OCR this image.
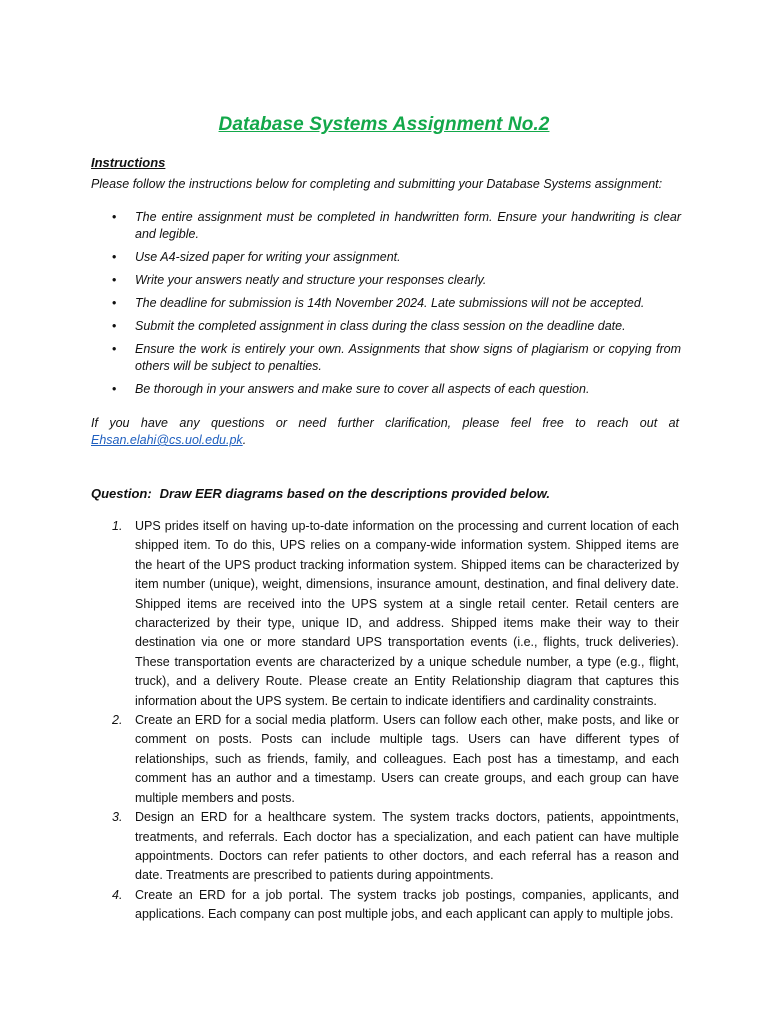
Database Systems Assignment No.2
Instructions
Please follow the instructions below for completing and submitting your Database Systems assignment:
• The entire assignment must be completed in handwritten form. Ensure your handwriting is clear and legible.
• Use A4-sized paper for writing your assignment.
• Write your answers neatly and structure your responses clearly.
• The deadline for submission is 14th November 2024. Late submissions will not be accepted.
• Submit the completed assignment in class during the class session on the deadline date.
• Ensure the work is entirely your own. Assignments that show signs of plagiarism or copying from others will be subject to penalties.
• Be thorough in your answers and make sure to cover all aspects of each question.
If you have any questions or need further clarification, please feel free to reach out at Ehsan.elahi@cs.uol.edu.pk.
Question: Draw EER diagrams based on the descriptions provided below.
1. UPS prides itself on having up-to-date information on the processing and current location of each shipped item. To do this, UPS relies on a company-wide information system. Shipped items are the heart of the UPS product tracking information system. Shipped items can be characterized by item number (unique), weight, dimensions, insurance amount, destination, and final delivery date. Shipped items are received into the UPS system at a single retail center. Retail centers are characterized by their type, unique ID, and address. Shipped items make their way to their destination via one or more standard UPS transportation events (i.e., flights, truck deliveries). These transportation events are characterized by a unique schedule number, a type (e.g., flight, truck), and a delivery Route. Please create an Entity Relationship diagram that captures this information about the UPS system. Be certain to indicate identifiers and cardinality constraints.
2. Create an ERD for a social media platform. Users can follow each other, make posts, and like or comment on posts. Posts can include multiple tags. Users can have different types of relationships, such as friends, family, and colleagues. Each post has a timestamp, and each comment has an author and a timestamp. Users can create groups, and each group can have multiple members and posts.
3. Design an ERD for a healthcare system. The system tracks doctors, patients, appointments, treatments, and referrals. Each doctor has a specialization, and each patient can have multiple appointments. Doctors can refer patients to other doctors, and each referral has a reason and date. Treatments are prescribed to patients during appointments.
4. Create an ERD for a job portal. The system tracks job postings, companies, applicants, and applications. Each company can post multiple jobs, and each applicant can apply to multiple jobs.
